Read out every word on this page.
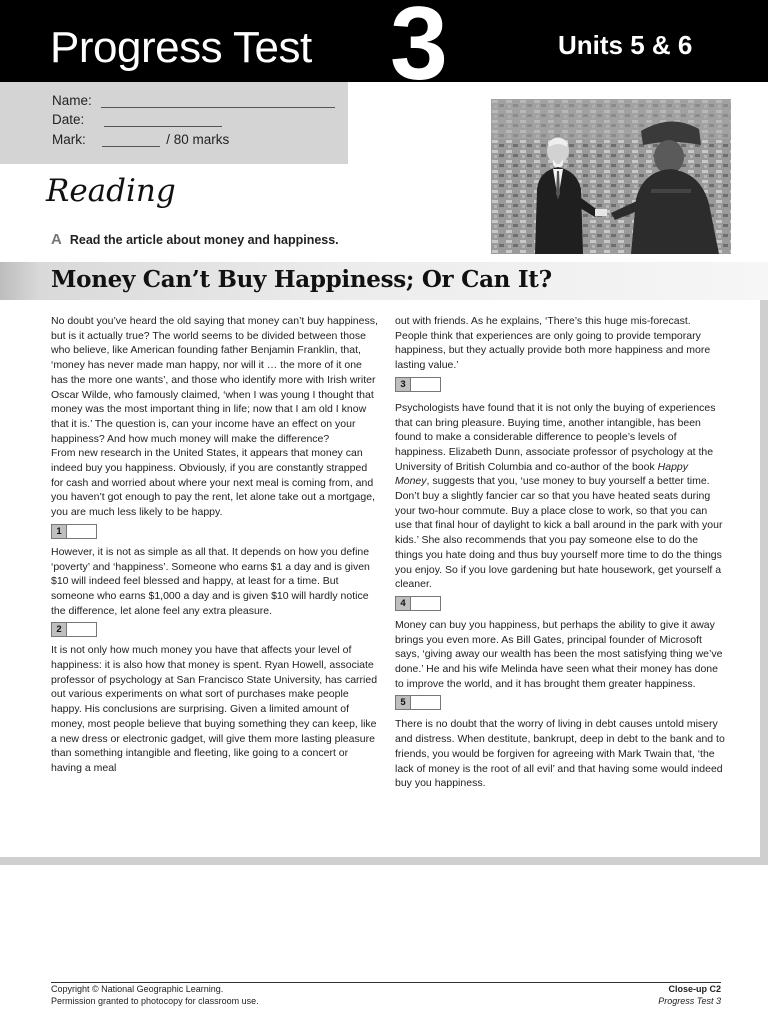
Progress Test 3	Units 5 & 6
Name:
Date:
Mark:	/ 80 marks
Reading
A Read the article about money and happiness.
Money Can’t Buy Happiness; Or Can It?

No doubt you’ve heard the old saying that money can’t buy happiness, but is it actually true? The world seems to be divided between those who believe, like American founding father Benjamin Franklin, that, ‘money has never made man happy, nor will it … the more of it one has the more one wants’, and those who identify more with Irish writer Oscar Wilde, who famously claimed, ‘when I was young I thought that money was the most important thing in life; now that I am old I know that it is.’ The question is, can your income have an effect on your happiness? And how much money will make the difference?

From new research in the United States, it appears that money can indeed buy you happiness. Obviously, if you are constantly strapped for cash and worried about where your next meal is coming from, and you haven’t got enough to pay the rent, let alone take out a mortgage, you are much less likely to be happy.

1

However, it is not as simple as all that. It depends on how you define ‘poverty’ and ‘happiness’. Someone who earns $1 a day and is given $10 will indeed feel blessed and happy, at least for a time. But someone who earns $1,000 a day and is given $10 will hardly notice the difference, let alone feel any extra pleasure.

2

It is not only how much money you have that affects your level of happiness: it is also how that money is spent. Ryan Howell, associate professor of psychology at San Francisco State University, has carried out various experiments on what sort of purchases make people happy. His conclusions are surprising. Given a limited amount of money, most people believe that buying something they can keep, like a new dress or electronic gadget, will give them more lasting pleasure than something intangible and fleeting, like going to a concert or having a meal

out with friends. As he explains, ‘There’s this huge mis-forecast. People think that experiences are only going to provide temporary happiness, but they actually provide both more happiness and more lasting value.’

3

Psychologists have found that it is not only the buying of experiences that can bring pleasure. Buying time, another intangible, has been found to make a considerable difference to people’s levels of happiness. Elizabeth Dunn, associate professor of psychology at the University of British Columbia and co-author of the book Happy Money, suggests that you, ‘use money to buy yourself a better time. Don’t buy a slightly fancier car so that you have heated seats during your two-hour commute. Buy a place close to work, so that you can use that final hour of daylight to kick a ball around in the park with your kids.’ She also recommends that you pay someone else to do the things you hate doing and thus buy yourself more time to do the things you enjoy. So if you love gardening but hate housework, get yourself a cleaner.

4

Money can buy you happiness, but perhaps the ability to give it away brings you even more. As Bill Gates, principal founder of Microsoft says, ‘giving away our wealth has been the most satisfying thing we’ve done.’ He and his wife Melinda have seen what their money has done to improve the world, and it has brought them greater happiness.

5

There is no doubt that the worry of living in debt causes untold misery and distress. When destitute, bankrupt, deep in debt to the bank and to friends, you would be forgiven for agreeing with Mark Twain that, ‘the lack of money is the root of all evil’ and that having some would indeed buy you happiness.

Copyright © National Geographic Learning.
Permission granted to photocopy for classroom use.
Close-up C2
Progress Test 3
